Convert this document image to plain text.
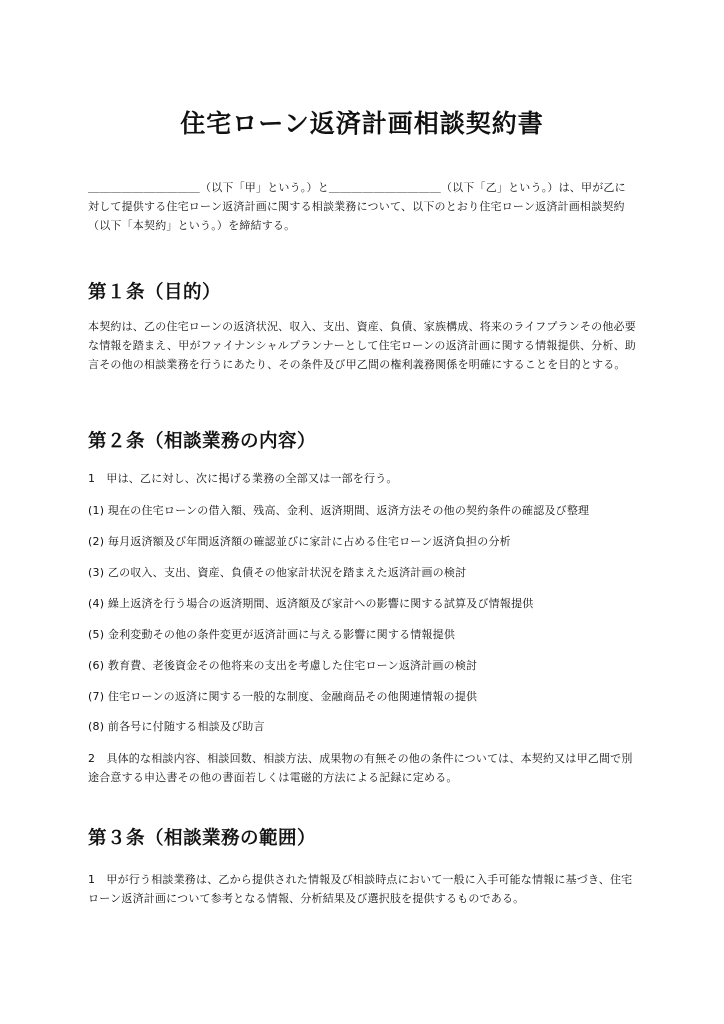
住宅ローン返済計画相談契約書

＿＿＿＿＿＿＿＿＿＿（以下「甲」という。）と＿＿＿＿＿＿＿＿＿＿（以下「乙」という。）は、甲が乙に対して提供する住宅ローン返済計画に関する相談業務について、以下のとおり住宅ローン返済計画相談契約（以下「本契約」という。）を締結する。

第１条（目的）

本契約は、乙の住宅ローンの返済状況、収入、支出、資産、負債、家族構成、将来のライフプランその他必要な情報を踏まえ、甲がファイナンシャルプランナーとして住宅ローンの返済計画に関する情報提供、分析、助言その他の相談業務を行うにあたり、その条件及び甲乙間の権利義務関係を明確にすることを目的とする。

第２条（相談業務の内容）

1　甲は、乙に対し、次に掲げる業務の全部又は一部を行う。

(1) 現在の住宅ローンの借入額、残高、金利、返済期間、返済方法その他の契約条件の確認及び整理

(2) 毎月返済額及び年間返済額の確認並びに家計に占める住宅ローン返済負担の分析

(3) 乙の収入、支出、資産、負債その他家計状況を踏まえた返済計画の検討

(4) 繰上返済を行う場合の返済期間、返済額及び家計への影響に関する試算及び情報提供

(5) 金利変動その他の条件変更が返済計画に与える影響に関する情報提供

(6) 教育費、老後資金その他将来の支出を考慮した住宅ローン返済計画の検討

(7) 住宅ローンの返済に関する一般的な制度、金融商品その他関連情報の提供

(8) 前各号に付随する相談及び助言

2　具体的な相談内容、相談回数、相談方法、成果物の有無その他の条件については、本契約又は甲乙間で別途合意する申込書その他の書面若しくは電磁的方法による記録に定める。

第３条（相談業務の範囲）

1　甲が行う相談業務は、乙から提供された情報及び相談時点において一般に入手可能な情報に基づき、住宅ローン返済計画について参考となる情報、分析結果及び選択肢を提供するものである。
